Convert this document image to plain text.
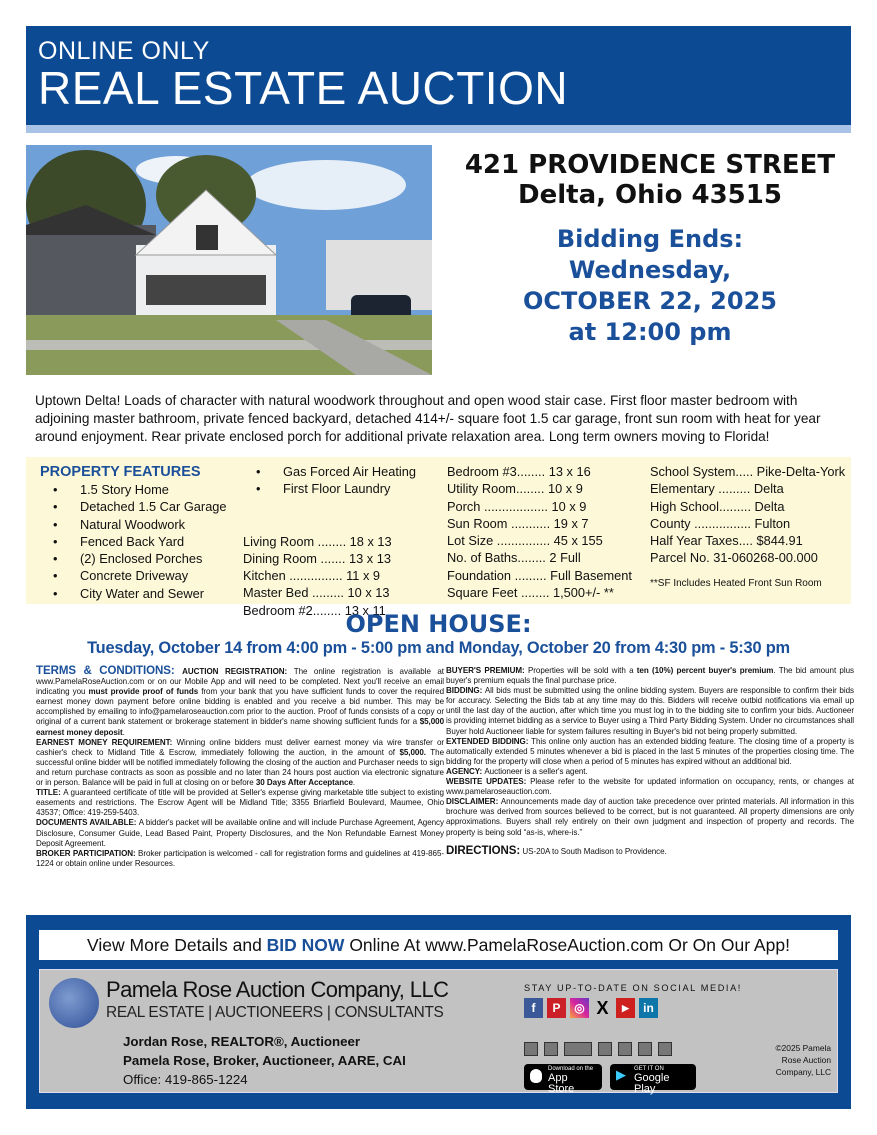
ONLINE ONLY
REAL ESTATE AUCTION
421 PROVIDENCE STREET
Delta, Ohio 43515
Bidding Ends:
Wednesday,
OCTOBER 22, 2025
at 12:00 pm

Uptown Delta! Loads of character with natural woodwork throughout and open wood stair case. First floor master bedroom with adjoining master bathroom, private fenced backyard, detached 414+/- square foot 1.5 car garage, front sun room with heat for year around enjoyment. Rear private enclosed porch for additional private relaxation area. Long term owners moving to Florida!

PROPERTY FEATURES
• 1.5 Story Home
• Detached 1.5 Car Garage
• Natural Woodwork
• Fenced Back Yard
• (2) Enclosed Porches
• Concrete Driveway
• City Water and Sewer
• Gas Forced Air Heating
• First Floor Laundry
Living Room ........ 18 x 13
Dining Room ....... 13 x 13
Kitchen ............... 11 x 9
Master Bed ......... 10 x 13
Bedroom #2........ 13 x 11
Bedroom #3........ 13 x 16
Utility Room........ 10 x 9
Porch .................. 10 x 9
Sun Room ........... 19 x 7
Lot Size ............... 45 x 155
No. of Baths........ 2 Full
Foundation ......... Full Basement
Square Feet ........ 1,500+/- **
School System..... Pike-Delta-York
Elementary ......... Delta
High School......... Delta
County ................ Fulton
Half Year Taxes.... $844.91
Parcel No. 31-060268-00.000
**SF Includes Heated Front Sun Room
OPEN HOUSE:
Tuesday, October 14 from 4:00 pm - 5:00 pm and Monday, October 20 from 4:30 pm - 5:30 pm

TERMS & CONDITIONS: AUCTION REGISTRATION: The online registration is available at www.PamelaRoseAuction.com or on our Mobile App and will need to be completed. Next you'll receive an email indicating you must provide proof of funds from your bank that you have sufficient funds to cover the required earnest money down payment before online bidding is enabled and you receive a bid number. This may be accomplished by emailing to info@pamelaroseauction.com prior to the auction. Proof of funds consists of a copy or original of a current bank statement or brokerage statement in bidder's name showing sufficient funds for a $5,000 earnest money deposit.

EARNEST MONEY REQUIREMENT: Winning online bidders must deliver earnest money via wire transfer or cashier's check to Midland Title & Escrow, immediately following the auction, in the amount of $5,000. The successful online bidder will be notified immediately following the closing of the auction and Purchaser needs to sign and return purchase contracts as soon as possible and no later than 24 hours post auction via electronic signature or in person. Balance will be paid in full at closing on or before 30 Days After Acceptance.

TITLE: A guaranteed certificate of title will be provided at Seller's expense giving marketable title subject to existing easements and restrictions. The Escrow Agent will be Midland Title; 3355 Briarfield Boulevard, Maumee, Ohio 43537; Office: 419-259-5403.

DOCUMENTS AVAILABLE: A bidder's packet will be available online and will include Purchase Agreement, Agency Disclosure, Consumer Guide, Lead Based Paint, Property Disclosures, and the Non Refundable Earnest Money Deposit Agreement.

BROKER PARTICIPATION: Broker participation is welcomed - call for registration forms and guidelines at 419-865-1224 or obtain online under Resources.

BUYER'S PREMIUM: Properties will be sold with a ten (10%) percent buyer's premium. The bid amount plus buyer's premium equals the final purchase price.

BIDDING: All bids must be submitted using the online bidding system. Buyers are responsible to confirm their bids for accuracy. Selecting the Bids tab at any time may do this. Bidders will receive outbid notifications via email up until the last day of the auction, after which time you must log in to the bidding site to confirm your bids. Auctioneer is providing internet bidding as a service to Buyer using a Third Party Bidding System. Under no circumstances shall Buyer hold Auctioneer liable for system failures resulting in Buyer's bid not being properly submitted.

EXTENDED BIDDING: This online only auction has an extended bidding feature. The closing time of a property is automatically extended 5 minutes whenever a bid is placed in the last 5 minutes of the properties closing time. The bidding for the property will close when a period of 5 minutes has expired without an additional bid.

AGENCY: Auctioneer is a seller's agent.

WEBSITE UPDATES: Please refer to the website for updated information on occupancy, rents, or changes at www.pamelaroseauction.com.

DISCLAIMER: Announcements made day of auction take precedence over printed materials. All information in this brochure was derived from sources believed to be correct, but is not guaranteed. All property dimensions are only approximations. Buyers shall rely entirely on their own judgment and inspection of property and records. The property is being sold “as-is, where-is.”

DIRECTIONS: US-20A to South Madison to Providence.

View More Details and BID NOW Online At www.PamelaRoseAuction.com Or On Our App!
Pamela Rose Auction Company, LLC
REAL ESTATE | AUCTIONEERS | CONSULTANTS
Jordan Rose, REALTOR®, Auctioneer
Pamela Rose, Broker, Auctioneer, AARE, CAI
Office: 419-865-1224
STAY UP-TO-DATE ON SOCIAL MEDIA!
f	P	◎ X	▶	in
Download on the
App Store
▶ GET IT ON
Google Play
©2025 Pamela Rose Auction Company, LLC
